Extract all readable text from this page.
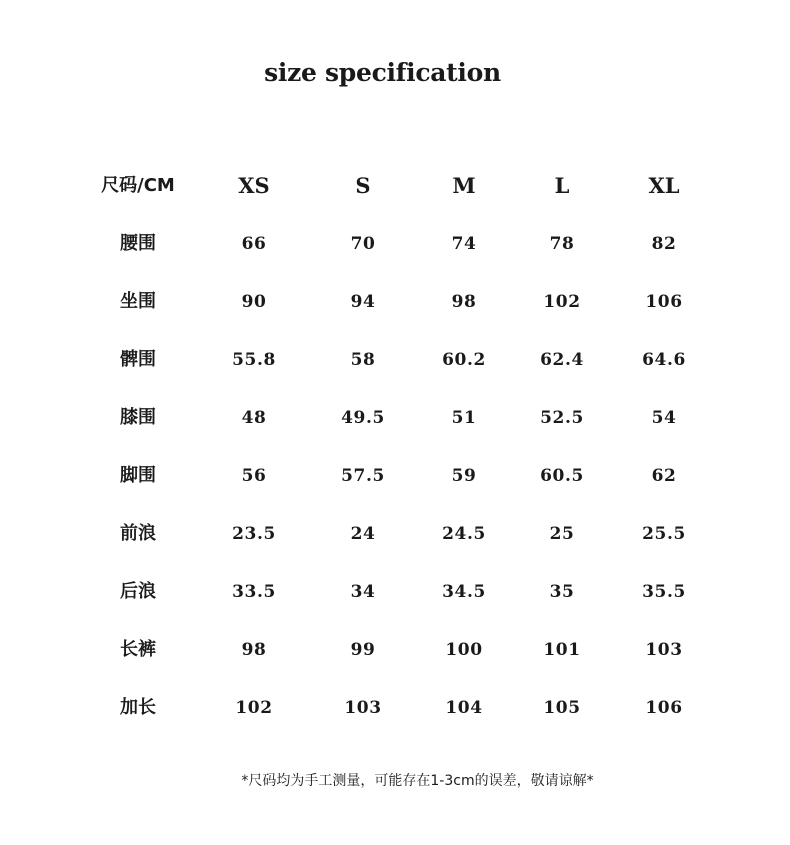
size specification
尺码/CM	XS	S	M	L	XL
腰围	66	70	74	78	82
坐围	90	94	98	102	106
髀围	55.8	58	60.2	62.4	64.6
膝围	48	49.5	51	52.5	54
脚围	56	57.5	59	60.5	62
前浪	23.5	24	24.5	25	25.5
后浪	33.5	34	34.5	35	35.5
长裤	98	99	100	101	103
加长	102	103	104	105	106
*尺码均为手工测量，可能存在1-3cm的误差，敬请谅解*
